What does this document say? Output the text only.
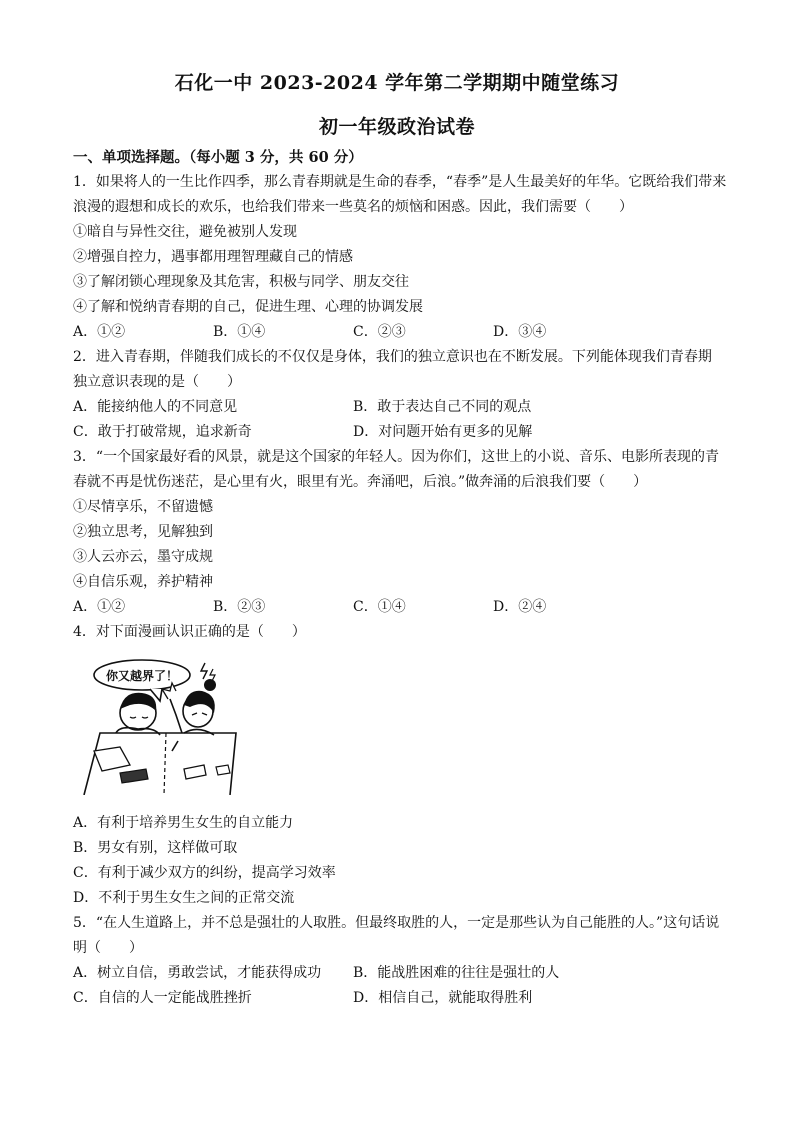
石化一中 2023-2024 学年第二学期期中随堂练习
初一年级政治试卷
一、单项选择题。（每小题 3 分，共 60 分）
1．如果将人的一生比作四季，那么青春期就是生命的春季，“春季”是人生最美好的年华。它既给我们带来
浪漫的遐想和成长的欢乐，也给我们带来一些莫名的烦恼和困惑。因此，我们需要（　　）
①暗自与异性交往，避免被别人发现
②增强自控力，遇事都用理智理藏自己的情感
③了解闭锁心理现象及其危害，积极与同学、朋友交往
④了解和悦纳青春期的自己，促进生理、心理的协调发展
A．①②	B．①④	C．②③	D．③④
2．进入青春期，伴随我们成长的不仅仅是身体，我们的独立意识也在不断发展。下列能体现我们青春期
独立意识表现的是（　　）
A．能接纳他人的不同意见	B．敢于表达自己不同的观点
C．敢于打破常规，追求新奇	D．对问题开始有更多的见解
3．“一个国家最好看的风景，就是这个国家的年轻人。因为你们，这世上的小说、音乐、电影所表现的青
春就不再是忧伤迷茫，是心里有火，眼里有光。奔涌吧，后浪。”做奔涌的后浪我们要（　　）
①尽情享乐，不留遗憾
②独立思考，见解独到
③人云亦云，墨守成规
④自信乐观，养护精神
A．①②	B．②③	C．①④	D．②④
4．对下面漫画认识正确的是（　　）
你又越界了！
A．有利于培养男生女生的自立能力
B．男女有别，这样做可取
C．有利于减少双方的纠纷，提高学习效率
D．不利于男生女生之间的正常交流
5．“在人生道路上，并不总是强壮的人取胜。但最终取胜的人，一定是那些认为自己能胜的人。”这句话说
明（　　）
A．树立自信，勇敢尝试，才能获得成功 B．能战胜困难的往往是强壮的人
C．自信的人一定能战胜挫折	D．相信自己，就能取得胜利
